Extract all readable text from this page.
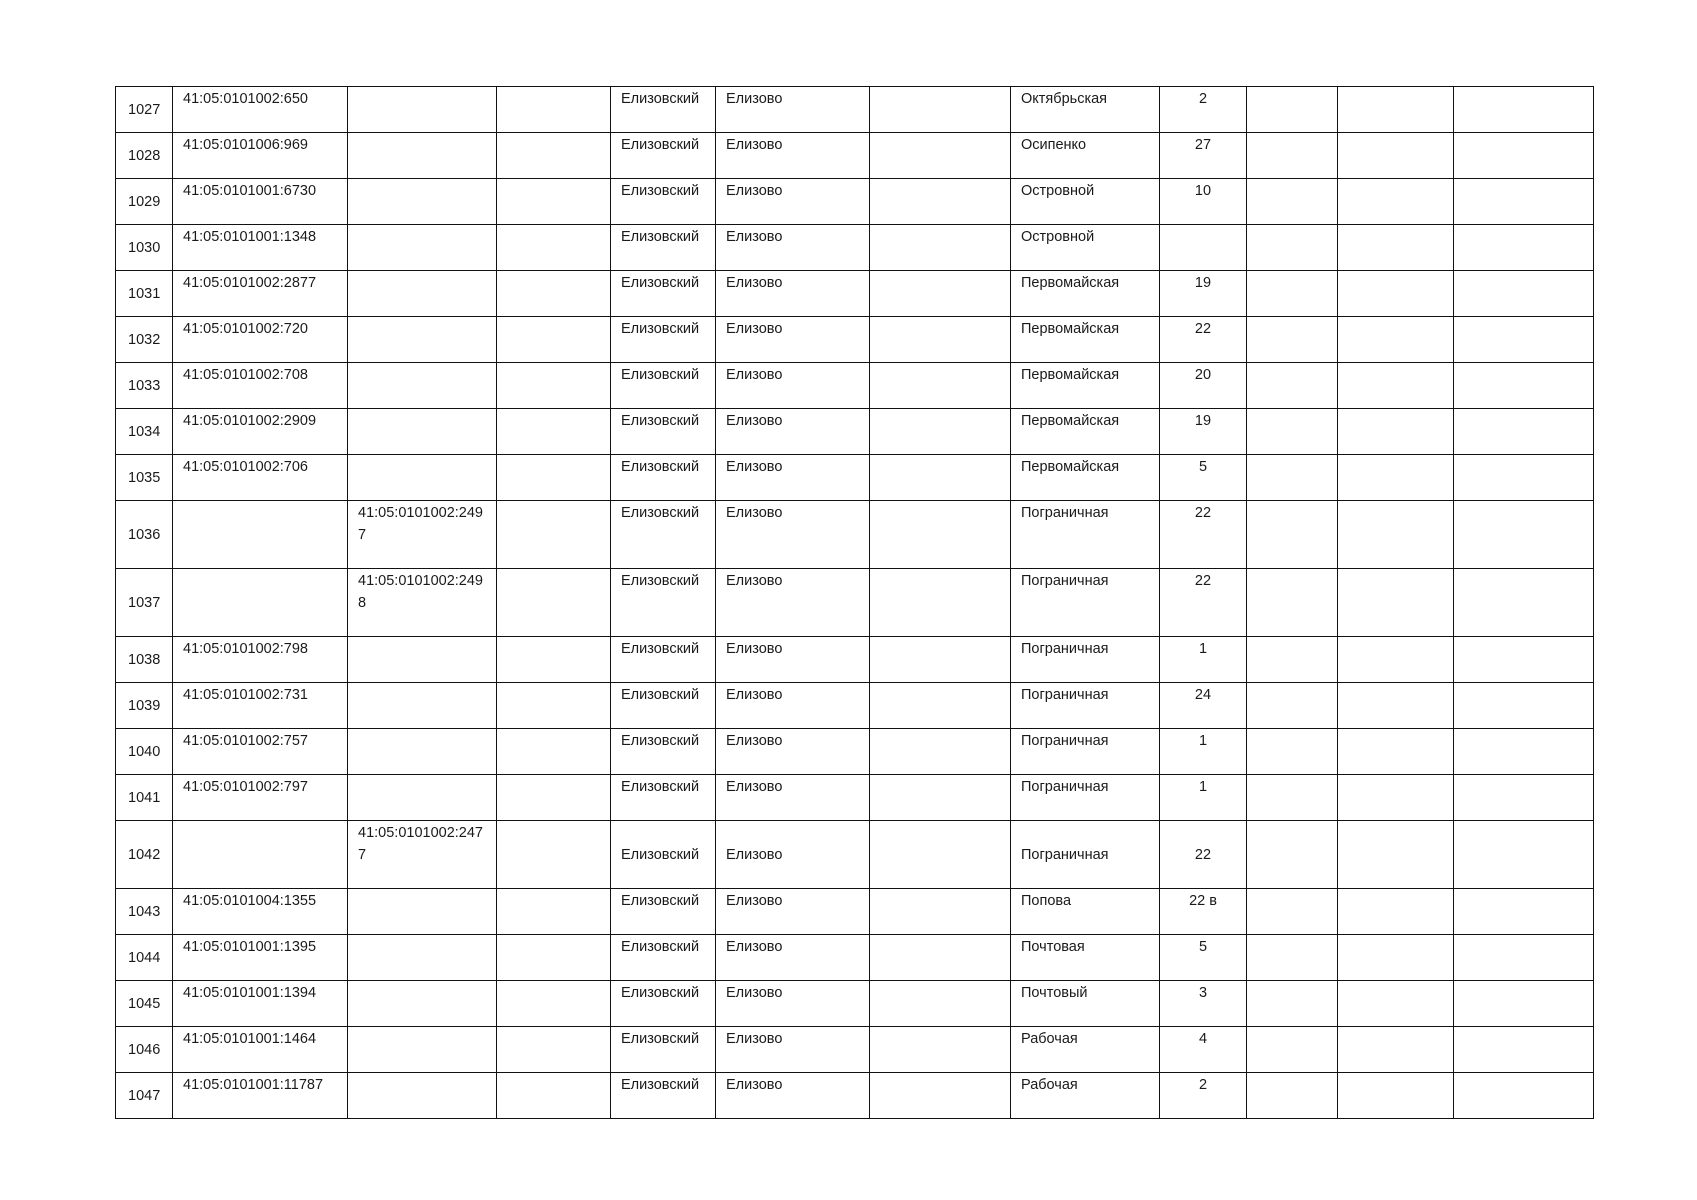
1027	41:05:0101002:650			Елизовский	Елизово		Октябрьская	2			
1028	41:05:0101006:969			Елизовский	Елизово		Осипенко	27			
1029	41:05:0101001:6730			Елизовский	Елизово		Островной	10			
1030	41:05:0101001:1348			Елизовский	Елизово		Островной				
1031	41:05:0101002:2877			Елизовский	Елизово		Первомайская	19			
1032	41:05:0101002:720			Елизовский	Елизово		Первомайская	22			
1033	41:05:0101002:708			Елизовский	Елизово		Первомайская	20			
1034	41:05:0101002:2909			Елизовский	Елизово		Первомайская	19			
1035	41:05:0101002:706			Елизовский	Елизово		Первомайская	5			
1036		41:05:0101002:2497		Елизовский	Елизово		Пограничная	22			
1037		41:05:0101002:2498		Елизовский	Елизово		Пограничная	22			
1038	41:05:0101002:798			Елизовский	Елизово		Пограничная	1			
1039	41:05:0101002:731			Елизовский	Елизово		Пограничная	24			
1040	41:05:0101002:757			Елизовский	Елизово		Пограничная	1			
1041	41:05:0101002:797			Елизовский	Елизово		Пограничная	1			
1042		41:05:0101002:2477		Елизовский	Елизово		Пограничная	22			
1043	41:05:0101004:1355			Елизовский	Елизово		Попова	22 в			
1044	41:05:0101001:1395			Елизовский	Елизово		Почтовая	5			
1045	41:05:0101001:1394			Елизовский	Елизово		Почтовый	3			
1046	41:05:0101001:1464			Елизовский	Елизово		Рабочая	4			
1047	41:05:0101001:11787			Елизовский	Елизово		Рабочая	2			
